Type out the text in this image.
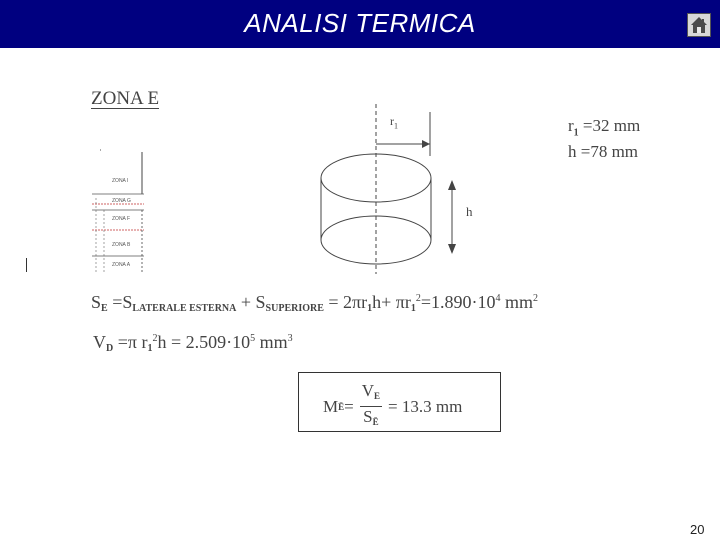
ANALISI TERMICA
ZONA E
ZONA I
ZONA G
ZONA F
ZONA B
ZONA A
$r_1$
h
$r_1 =32$ mm
h =78 mm
$S_E =S_{LATERALE ESTERNA} + S_{SUPERIORE} = 2\pi r_1h+ \pi r_1^2=1.890\cdot 10^4$ $mm^2$
$V_D =\pi$ $r_1^2h = 2.509\cdot 10^5$ $mm^3$
M Ē = $\frac{V_E}{S_Ē} = 13.3$ mm
20
